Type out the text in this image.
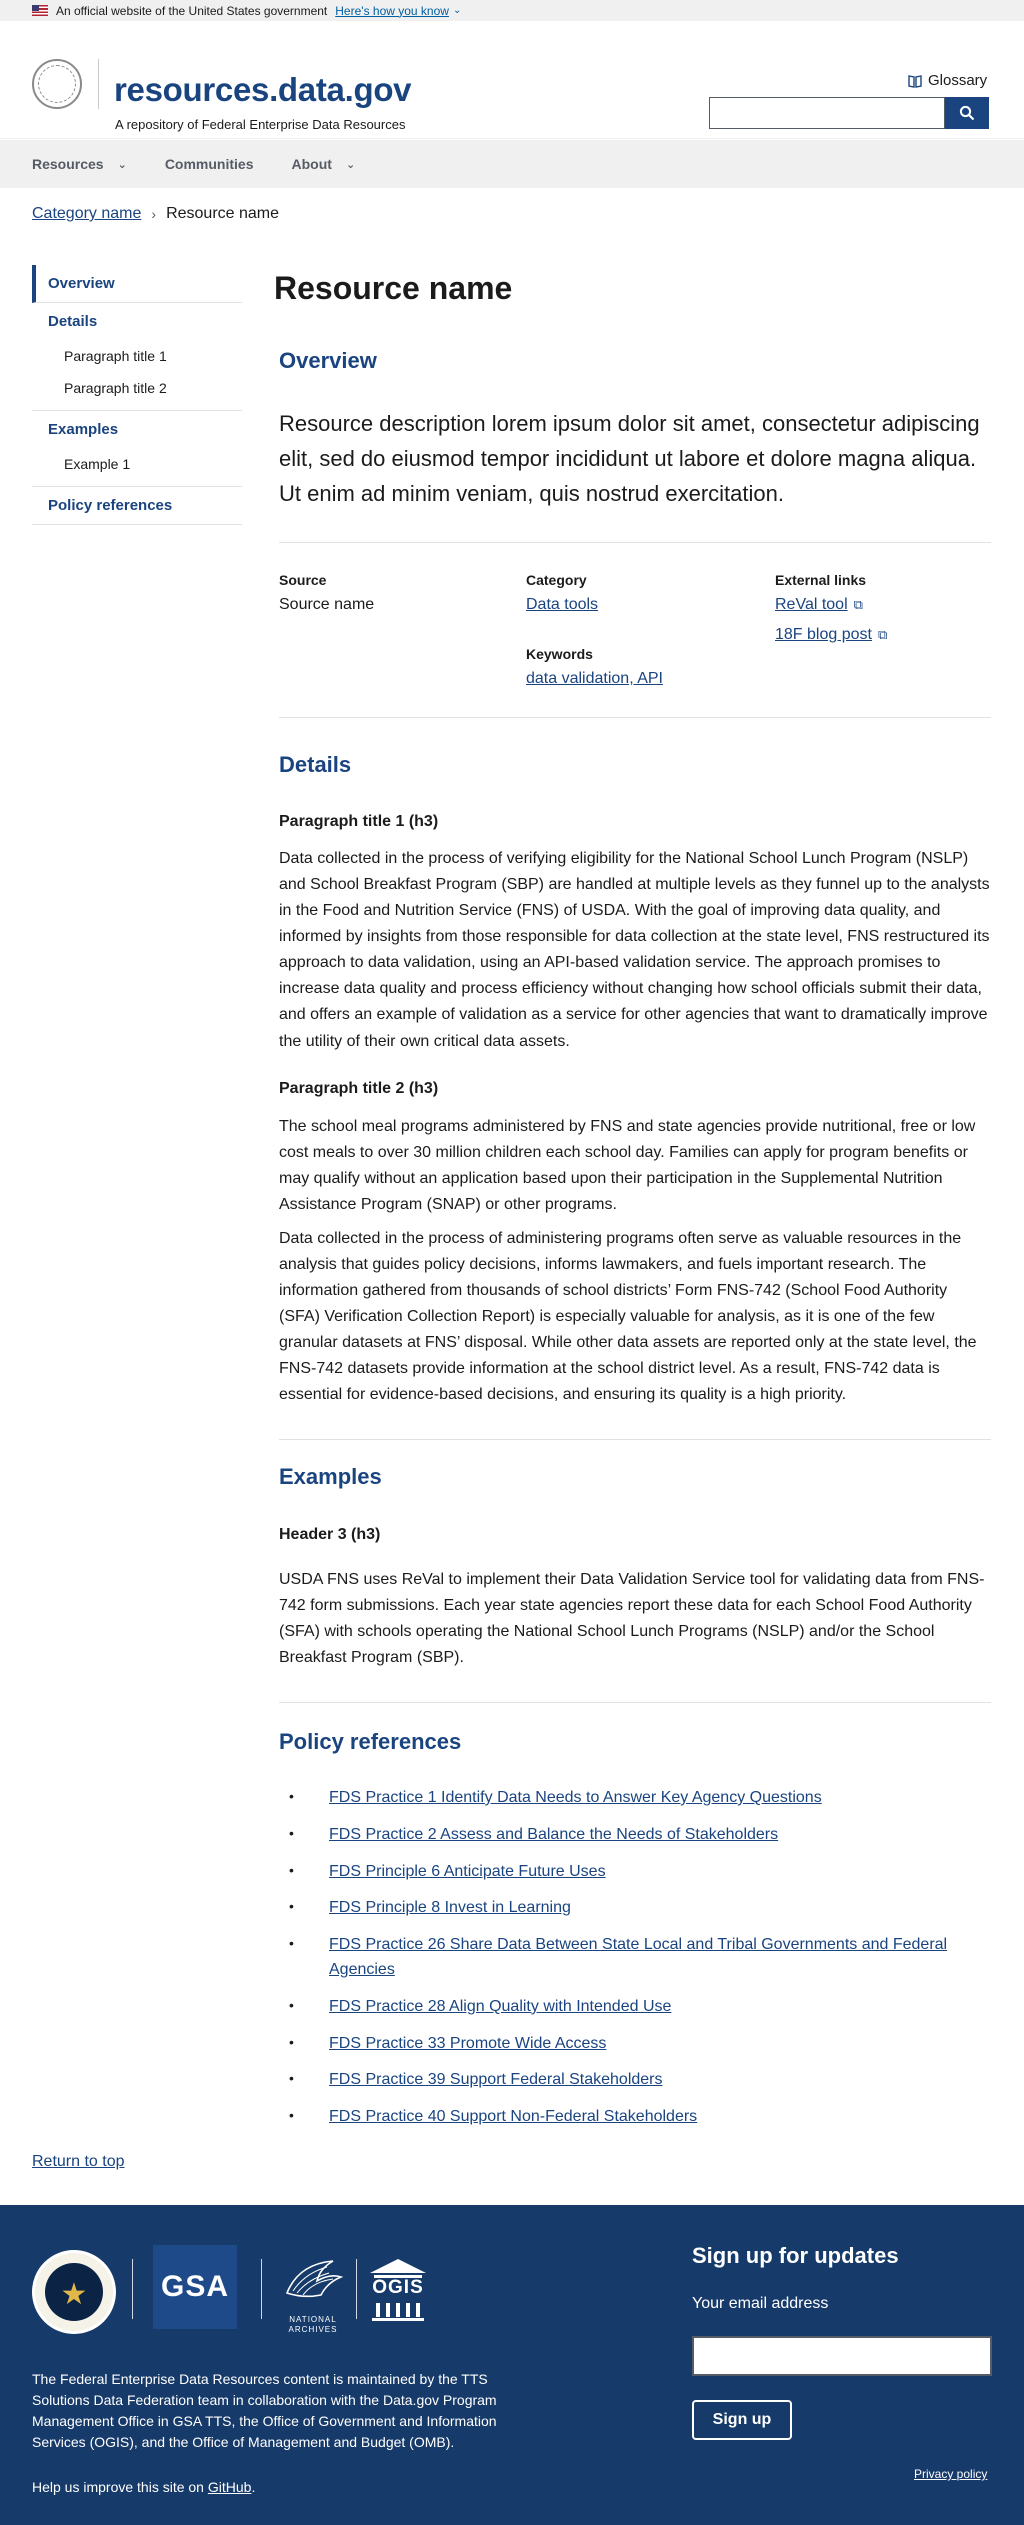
An official website of the United States government Here's how you know ⌄
resources.data.gov
A repository of Federal Enterprise Data Resources
Glossary
Resources ⌄	Communities	About ⌄
Category name › Resource name
Overview
Details
Paragraph title 1
Paragraph title 2
Examples
Example 1
Policy references
Resource name
Overview

Resource description lorem ipsum dolor sit amet, consectetur adipiscing elit, sed do eiusmod tempor incididunt ut labore et dolore magna aliqua. Ut enim ad minim veniam, quis nostrud exercitation.

Source
Source name
Category
Data tools
Keywords
data validation, API
External links
ReVal tool ⧉
18F blog post ⧉
Details
Paragraph title 1 (h3)

Data collected in the process of verifying eligibility for the National School Lunch Program (NSLP) and School Breakfast Program (SBP) are handled at multiple levels as they funnel up to the analysts in the Food and Nutrition Service (FNS) of USDA. With the goal of improving data quality, and informed by insights from those responsible for data collection at the state level, FNS restructured its approach to data validation, using an API-based validation service. The approach promises to increase data quality and process efficiency without changing how school officials submit their data, and offers an example of validation as a service for other agencies that want to dramatically improve the utility of their own critical data assets.

Paragraph title 2 (h3)

The school meal programs administered by FNS and state agencies provide nutritional, free or low cost meals to over 30 million children each school day. Families can apply for program benefits or may qualify without an application based upon their participation in the Supplemental Nutrition Assistance Program (SNAP) or other programs.

Data collected in the process of administering programs often serve as valuable resources in the analysis that guides policy decisions, informs lawmakers, and fuels important research. The information gathered from thousands of school districts’ Form FNS-742 (School Food Authority (SFA) Verification Collection Report) is especially valuable for analysis, as it is one of the few granular datasets at FNS’ disposal. While other data assets are reported only at the state level, the FNS-742 datasets provide information at the school district level. As a result, FNS-742 data is essential for evidence-based decisions, and ensuring its quality is a high priority.

Examples
Header 3 (h3)

USDA FNS uses ReVal to implement their Data Validation Service tool for validating data from FNS-742 form submissions. Each year state agencies report these data for each School Food Authority (SFA) with schools operating the National School Lunch Programs (NSLP) and/or the School Breakfast Program (SBP).

Policy references
• FDS Practice 1 Identify Data Needs to Answer Key Agency Questions
• FDS Practice 2 Assess and Balance the Needs of Stakeholders
• FDS Principle 6 Anticipate Future Uses
• FDS Principle 8 Invest in Learning
• FDS Practice 26 Share Data Between State Local and Tribal Governments and Federal Agencies
• FDS Practice 28 Align Quality with Intended Use
• FDS Practice 33 Promote Wide Access
• FDS Practice 39 Support Federal Stakeholders
• FDS Practice 40 Support Non-Federal Stakeholders
Return to top
★
GSA
NATIONAL ARCHIVES
OGIS

The Federal Enterprise Data Resources content is maintained by the TTS Solutions Data Federation team in collaboration with the Data.gov Program Management Office in GSA TTS, the Office of Government and Information Services (OGIS), and the Office of Management and Budget (OMB).

Help us improve this site on GitHub.
Sign up for updates
Your email address
Sign up
Privacy policy
